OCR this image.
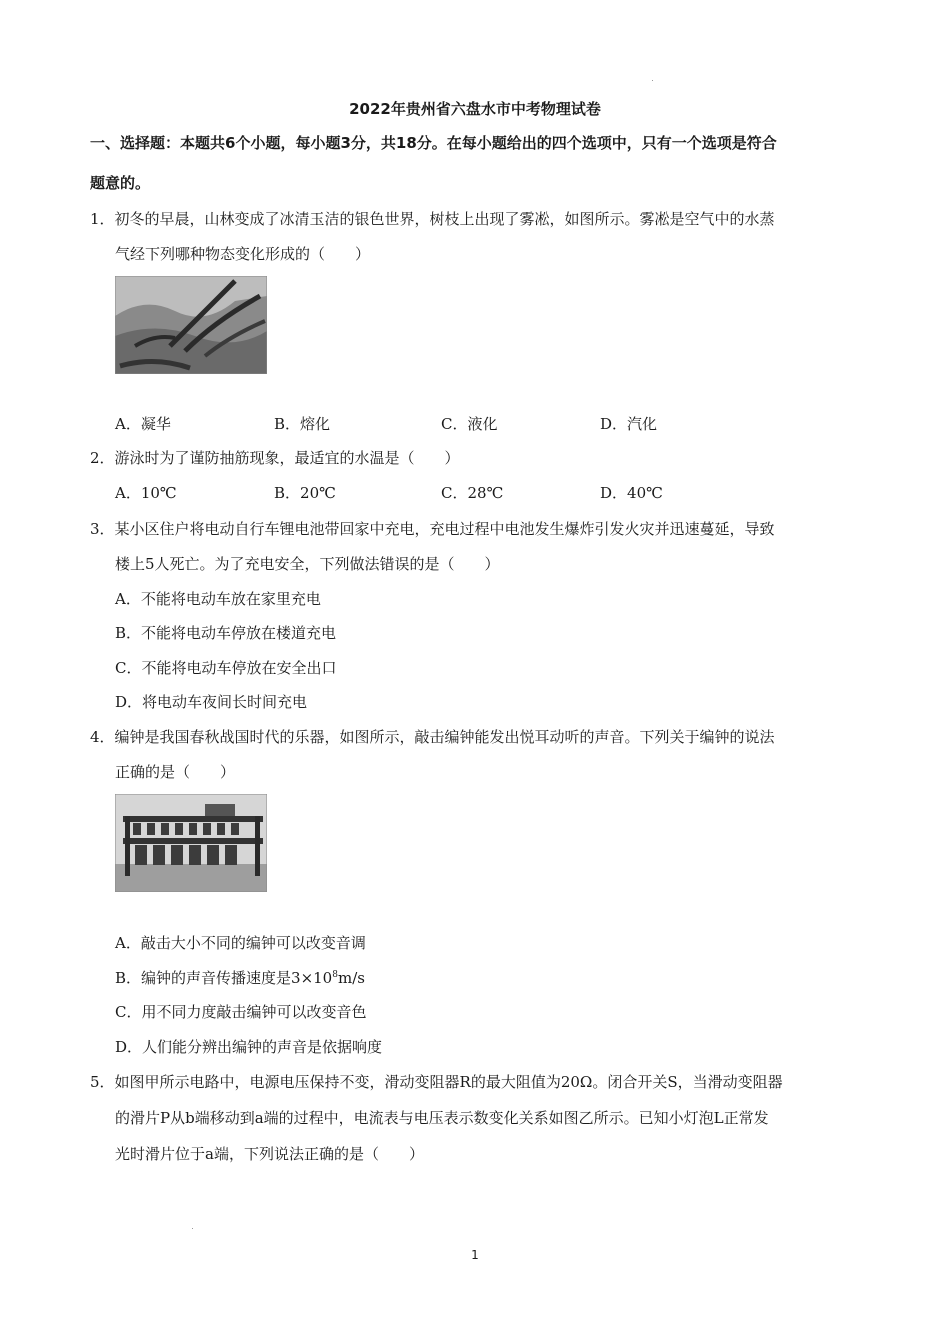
2022年贵州省六盘水市中考物理试卷
一、选择题：本题共6个小题，每小题3分，共18分。在每小题给出的四个选项中，只有一个选项是符合
题意的。
1．初冬的早晨，山林变成了冰清玉洁的银色世界，树枝上出现了雾凇，如图所示。雾凇是空气中的水蒸
气经下列哪种物态变化形成的（　　）
A．凝华	B．熔化	C．液化	D．汽化
2．游泳时为了谨防抽筋现象，最适宜的水温是（　　）
A．10℃	B．20℃	C．28℃	D．40℃
3．某小区住户将电动自行车锂电池带回家中充电，充电过程中电池发生爆炸引发火灾并迅速蔓延，导致
楼上5人死亡。为了充电安全，下列做法错误的是（　　）
A．不能将电动车放在家里充电
B．不能将电动车停放在楼道充电
C．不能将电动车停放在安全出口
D．将电动车夜间长时间充电
4．编钟是我国春秋战国时代的乐器，如图所示，敲击编钟能发出悦耳动听的声音。下列关于编钟的说法
正确的是（　　）
A．敲击大小不同的编钟可以改变音调
B．编钟的声音传播速度是$3\times 10^8m/s$
C．用不同力度敲击编钟可以改变音色
D．人们能分辨出编钟的声音是依据响度
5．如图甲所示电路中，电源电压保持不变，滑动变阻器R的最大阻值为20Ω。闭合开关S，当滑动变阻器
的滑片P从b端移动到a端的过程中，电流表与电压表示数变化关系如图乙所示。已知小灯泡L正常发
光时滑片位于a端，下列说法正确的是（　　）
1
